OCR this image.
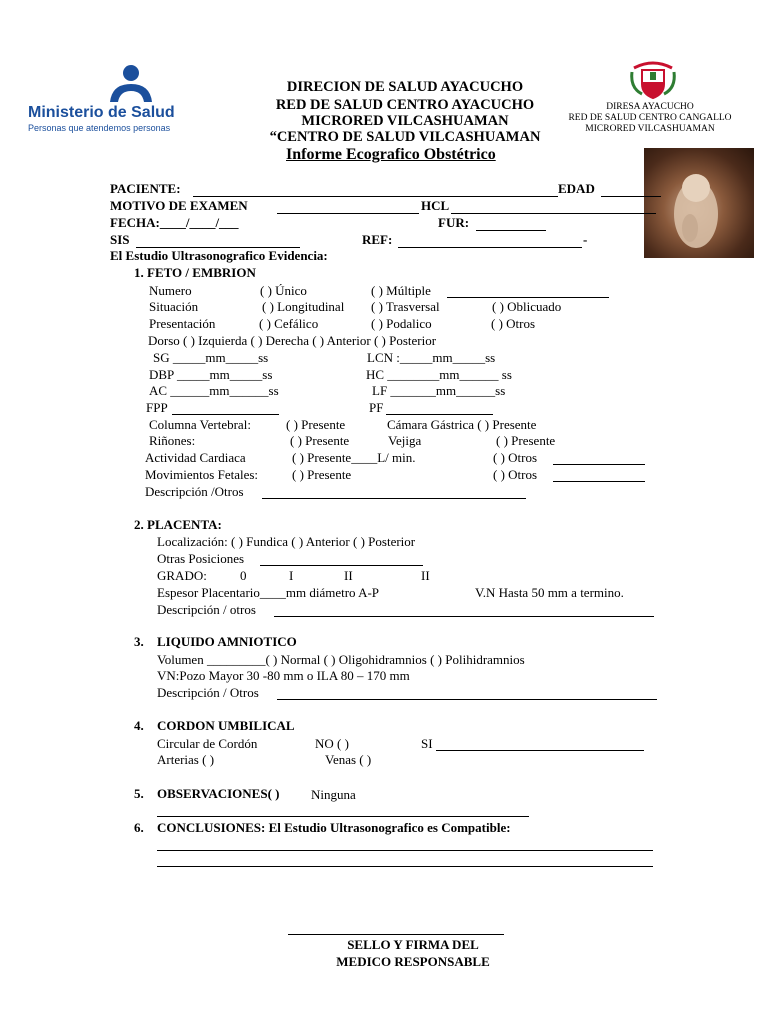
Ministerio de Salud
Personas que atendemos personas
DIRECION DE SALUD AYACUCHO
RED DE SALUD CENTRO AYACUCHO
MICRORED VILCASHUAMAN
“CENTRO DE SALUD VILCASHUAMAN
Informe Ecografico Obstétrico
DIRESA AYACUCHO
RED DE SALUD CENTRO CANGALLO
MICRORED VILCASHUAMAN
PACIENTE:	EDAD
MOTIVO DE EXAMEN	HCL
FECHA:____/____/___	FUR:
SIS	REF:	-
El Estudio Ultrasonografico Evidencia:
1. FETO / EMBRION
Numero	( ) Único	( ) Múltiple
Situación	( ) Longitudinal ( ) Trasversal	( ) Oblicuado
Presentación	( ) Cefálico	( ) Podalico	( ) Otros
Dorso ( ) Izquierda ( ) Derecha ( ) Anterior ( ) Posterior
SG _____mm_____ss	LCN :_____mm_____ss
DBP _____mm_____ss	HC ________mm______ ss
AC ______mm______ss	LF _______mm______ss
FPP	PF
Columna Vertebral:	( ) Presente	Cámara Gástrica ( ) Presente
Riñones:	( ) Presente	Vejiga	( ) Presente
Actividad Cardiaca	( ) Presente____L/ min.	( ) Otros
Movimientos Fetales:	( ) Presente	( ) Otros
Descripción /Otros
2. PLACENTA:
Localización: ( ) Fundica ( ) Anterior ( ) Posterior
Otras Posiciones
GRADO:	0	I	II	II
Espesor Placentario____mm diámetro A-P	V.N Hasta 50 mm a termino.
Descripción / otros
3. LIQUIDO AMNIOTICO
Volumen _________( ) Normal ( ) Oligohidramnios ( ) Polihidramnios
VN:Pozo Mayor 30 -80 mm o ILA 80 – 170 mm
Descripción / Otros
4. CORDON UMBILICAL
Circular de Cordón	NO ( )	SI
Arterias ( )	Venas ( )
5. OBSERVACIONES( ) Ninguna
6. CONCLUSIONES: El Estudio Ultrasonografico es Compatible:
SELLO Y FIRMA DEL
MEDICO RESPONSABLE
